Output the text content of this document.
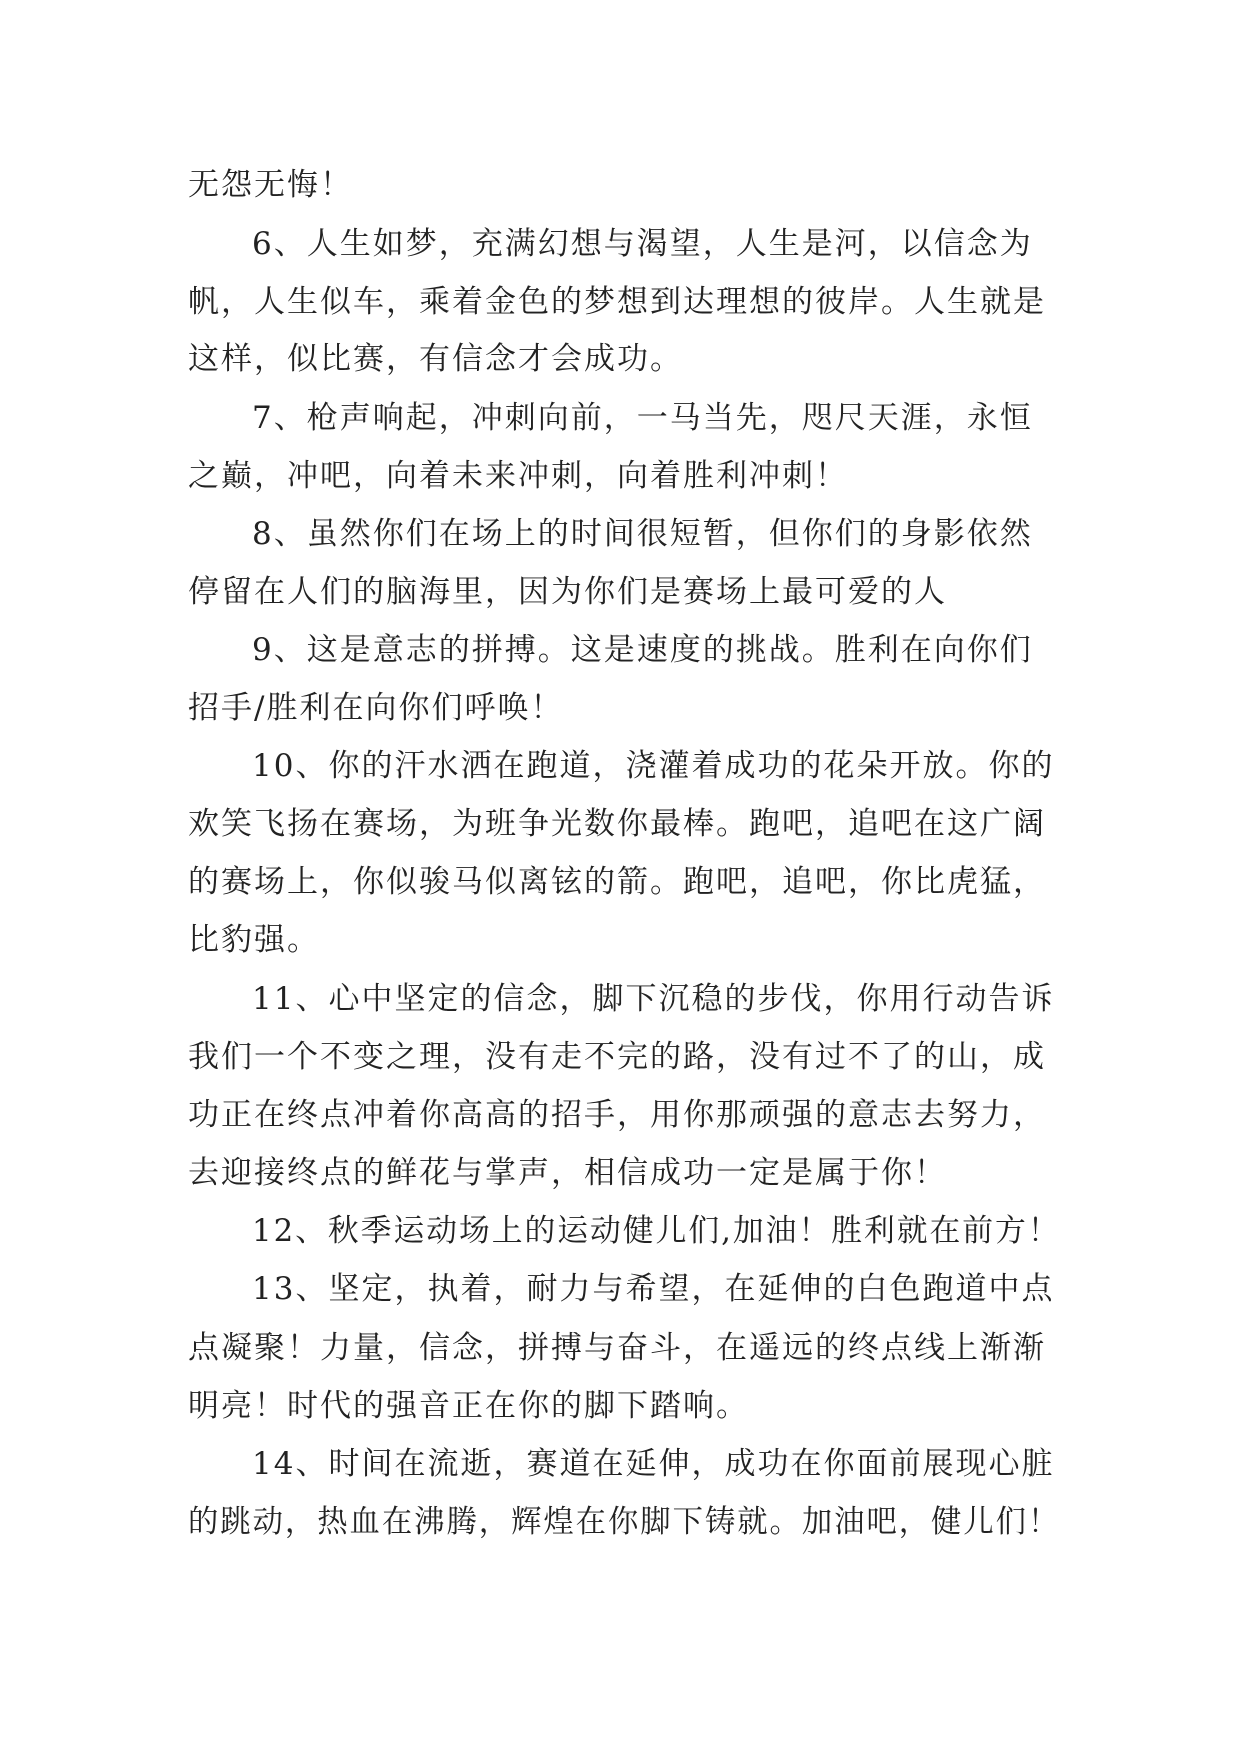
无怨无悔！
6、人生如梦，充满幻想与渴望，人生是河，以信念为
帆，人生似车，乘着金色的梦想到达理想的彼岸。人生就是
这样，似比赛，有信念才会成功。
7、枪声响起，冲刺向前，一马当先，咫尺天涯，永恒
之巅，冲吧，向着未来冲刺，向着胜利冲刺！
8、虽然你们在场上的时间很短暂，但你们的身影依然
停留在人们的脑海里，因为你们是赛场上最可爱的人
9、这是意志的拼搏。这是速度的挑战。胜利在向你们
招手/胜利在向你们呼唤！
10、你的汗水洒在跑道，浇灌着成功的花朵开放。你的
欢笑飞扬在赛场，为班争光数你最棒。跑吧，追吧在这广阔
的赛场上，你似骏马似离铉的箭。跑吧，追吧，你比虎猛，
比豹强。
11、心中坚定的信念，脚下沉稳的步伐，你用行动告诉
我们一个不变之理，没有走不完的路，没有过不了的山，成
功正在终点冲着你高高的招手，用你那顽强的意志去努力，
去迎接终点的鲜花与掌声，相信成功一定是属于你！
12、秋季运动场上的运动健儿们,加油！胜利就在前方！
13、坚定，执着，耐力与希望，在延伸的白色跑道中点
点凝聚！力量，信念，拼搏与奋斗，在遥远的终点线上渐渐
明亮！时代的强音正在你的脚下踏响。
14、时间在流逝，赛道在延伸，成功在你面前展现心脏
的跳动，热血在沸腾，辉煌在你脚下铸就。加油吧，健儿们！
